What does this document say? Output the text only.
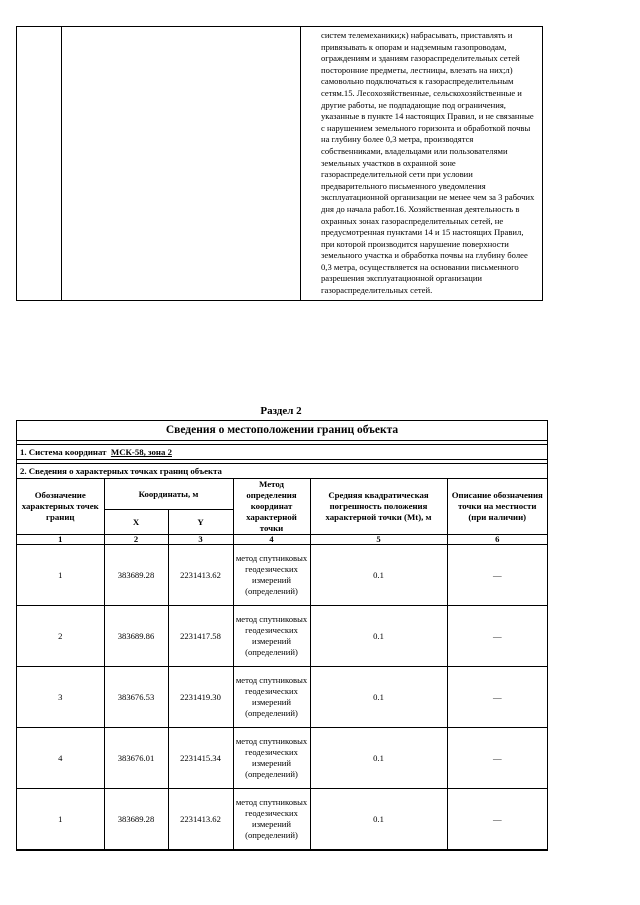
систем телемеханики;к) набрасывать, приставлять и привязывать к опорам и надземным газопроводам, ограждениям и зданиям газораспределительных сетей посторонние предметы, лестницы, влезать на них;л) самовольно подключаться к газораспределительным сетям.15. Лесохозяйственные, сельскохозяйственные и другие работы, не подпадающие под ограничения, указанные в пункте 14 настоящих Правил, и не связанные с нарушением земельного горизонта и обработкой почвы на глубину более 0,3 метра, производятся собственниками, владельцами или пользователями земельных участков в охранной зоне газораспределительной сети при условии предварительного письменного уведомления эксплуатационной организации не менее чем за 3 рабочих дня до начала работ.16. Хозяйственная деятельность в охранных зонах газораспределительных сетей, не предусмотренная пунктами 14 и 15 настоящих Правил, при которой производится нарушение поверхности земельного участка и обработка почвы на глубину более 0,3 метра, осуществляется на основании письменного разрешения эксплуатационной организации газораспределительных сетей.
Раздел 2
Сведения о местоположении границ объекта
1. Система координат МСК-58, зона 2
2. Сведения о характерных точках границ объекта
Обозначение характерных точек границ	Координаты, м		Метод определения координат характерной точки	Средняя квадратическая погрешность положения характерной точки (Mt), м	Описание обозначения точки на местности (при наличии)
	X	Y			
1	2	3	4	5	6
1	383689.28	2231413.62	метод спутниковых геодезических измерений (определений)	0.1	—
2	383689.86	2231417.58	метод спутниковых геодезических измерений (определений)	0.1	—
3	383676.53	2231419.30	метод спутниковых геодезических измерений (определений)	0.1	—
4	383676.01	2231415.34	метод спутниковых геодезических измерений (определений)	0.1	—
1	383689.28	2231413.62	метод спутниковых геодезических измерений (определений)	0.1	—
